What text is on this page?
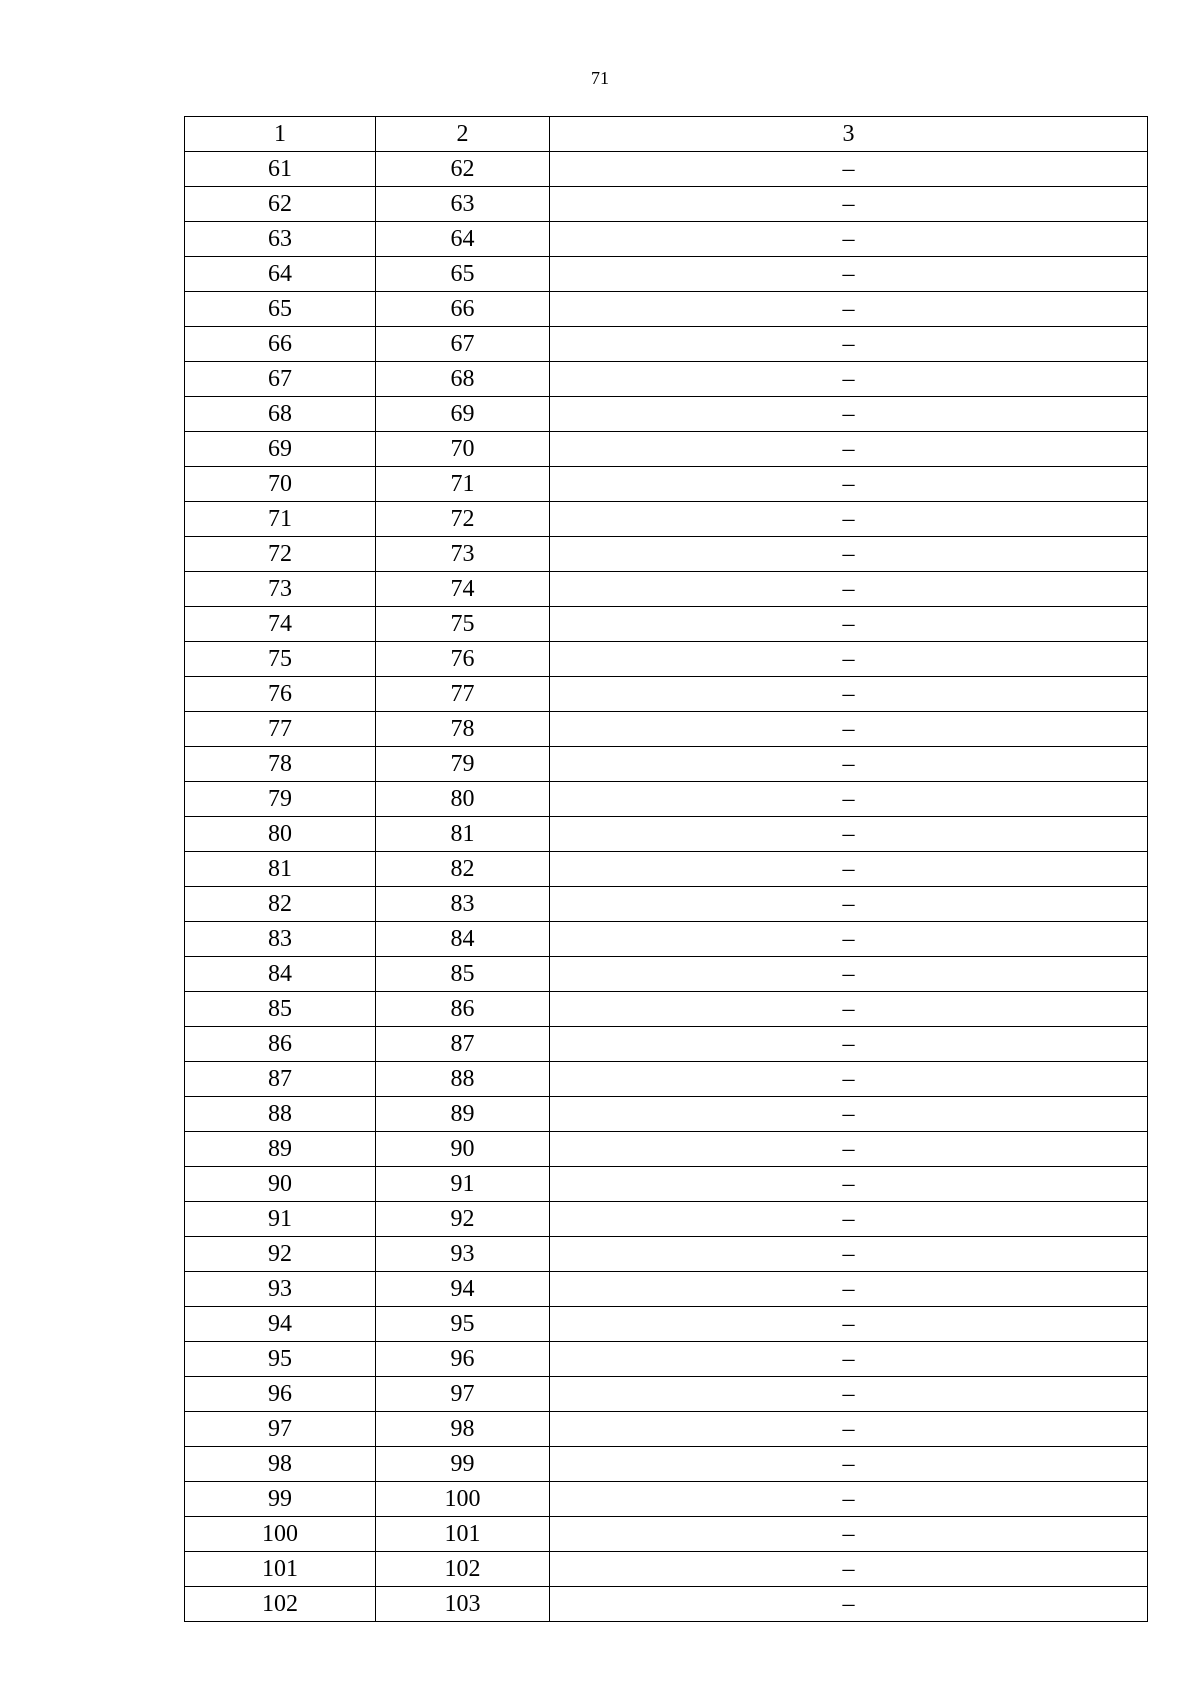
71
1	2	3
61	62	–
62	63	–
63	64	–
64	65	–
65	66	–
66	67	–
67	68	–
68	69	–
69	70	–
70	71	–
71	72	–
72	73	–
73	74	–
74	75	–
75	76	–
76	77	–
77	78	–
78	79	–
79	80	–
80	81	–
81	82	–
82	83	–
83	84	–
84	85	–
85	86	–
86	87	–
87	88	–
88	89	–
89	90	–
90	91	–
91	92	–
92	93	–
93	94	–
94	95	–
95	96	–
96	97	–
97	98	–
98	99	–
99	100	–
100	101	–
101	102	–
102	103	–
